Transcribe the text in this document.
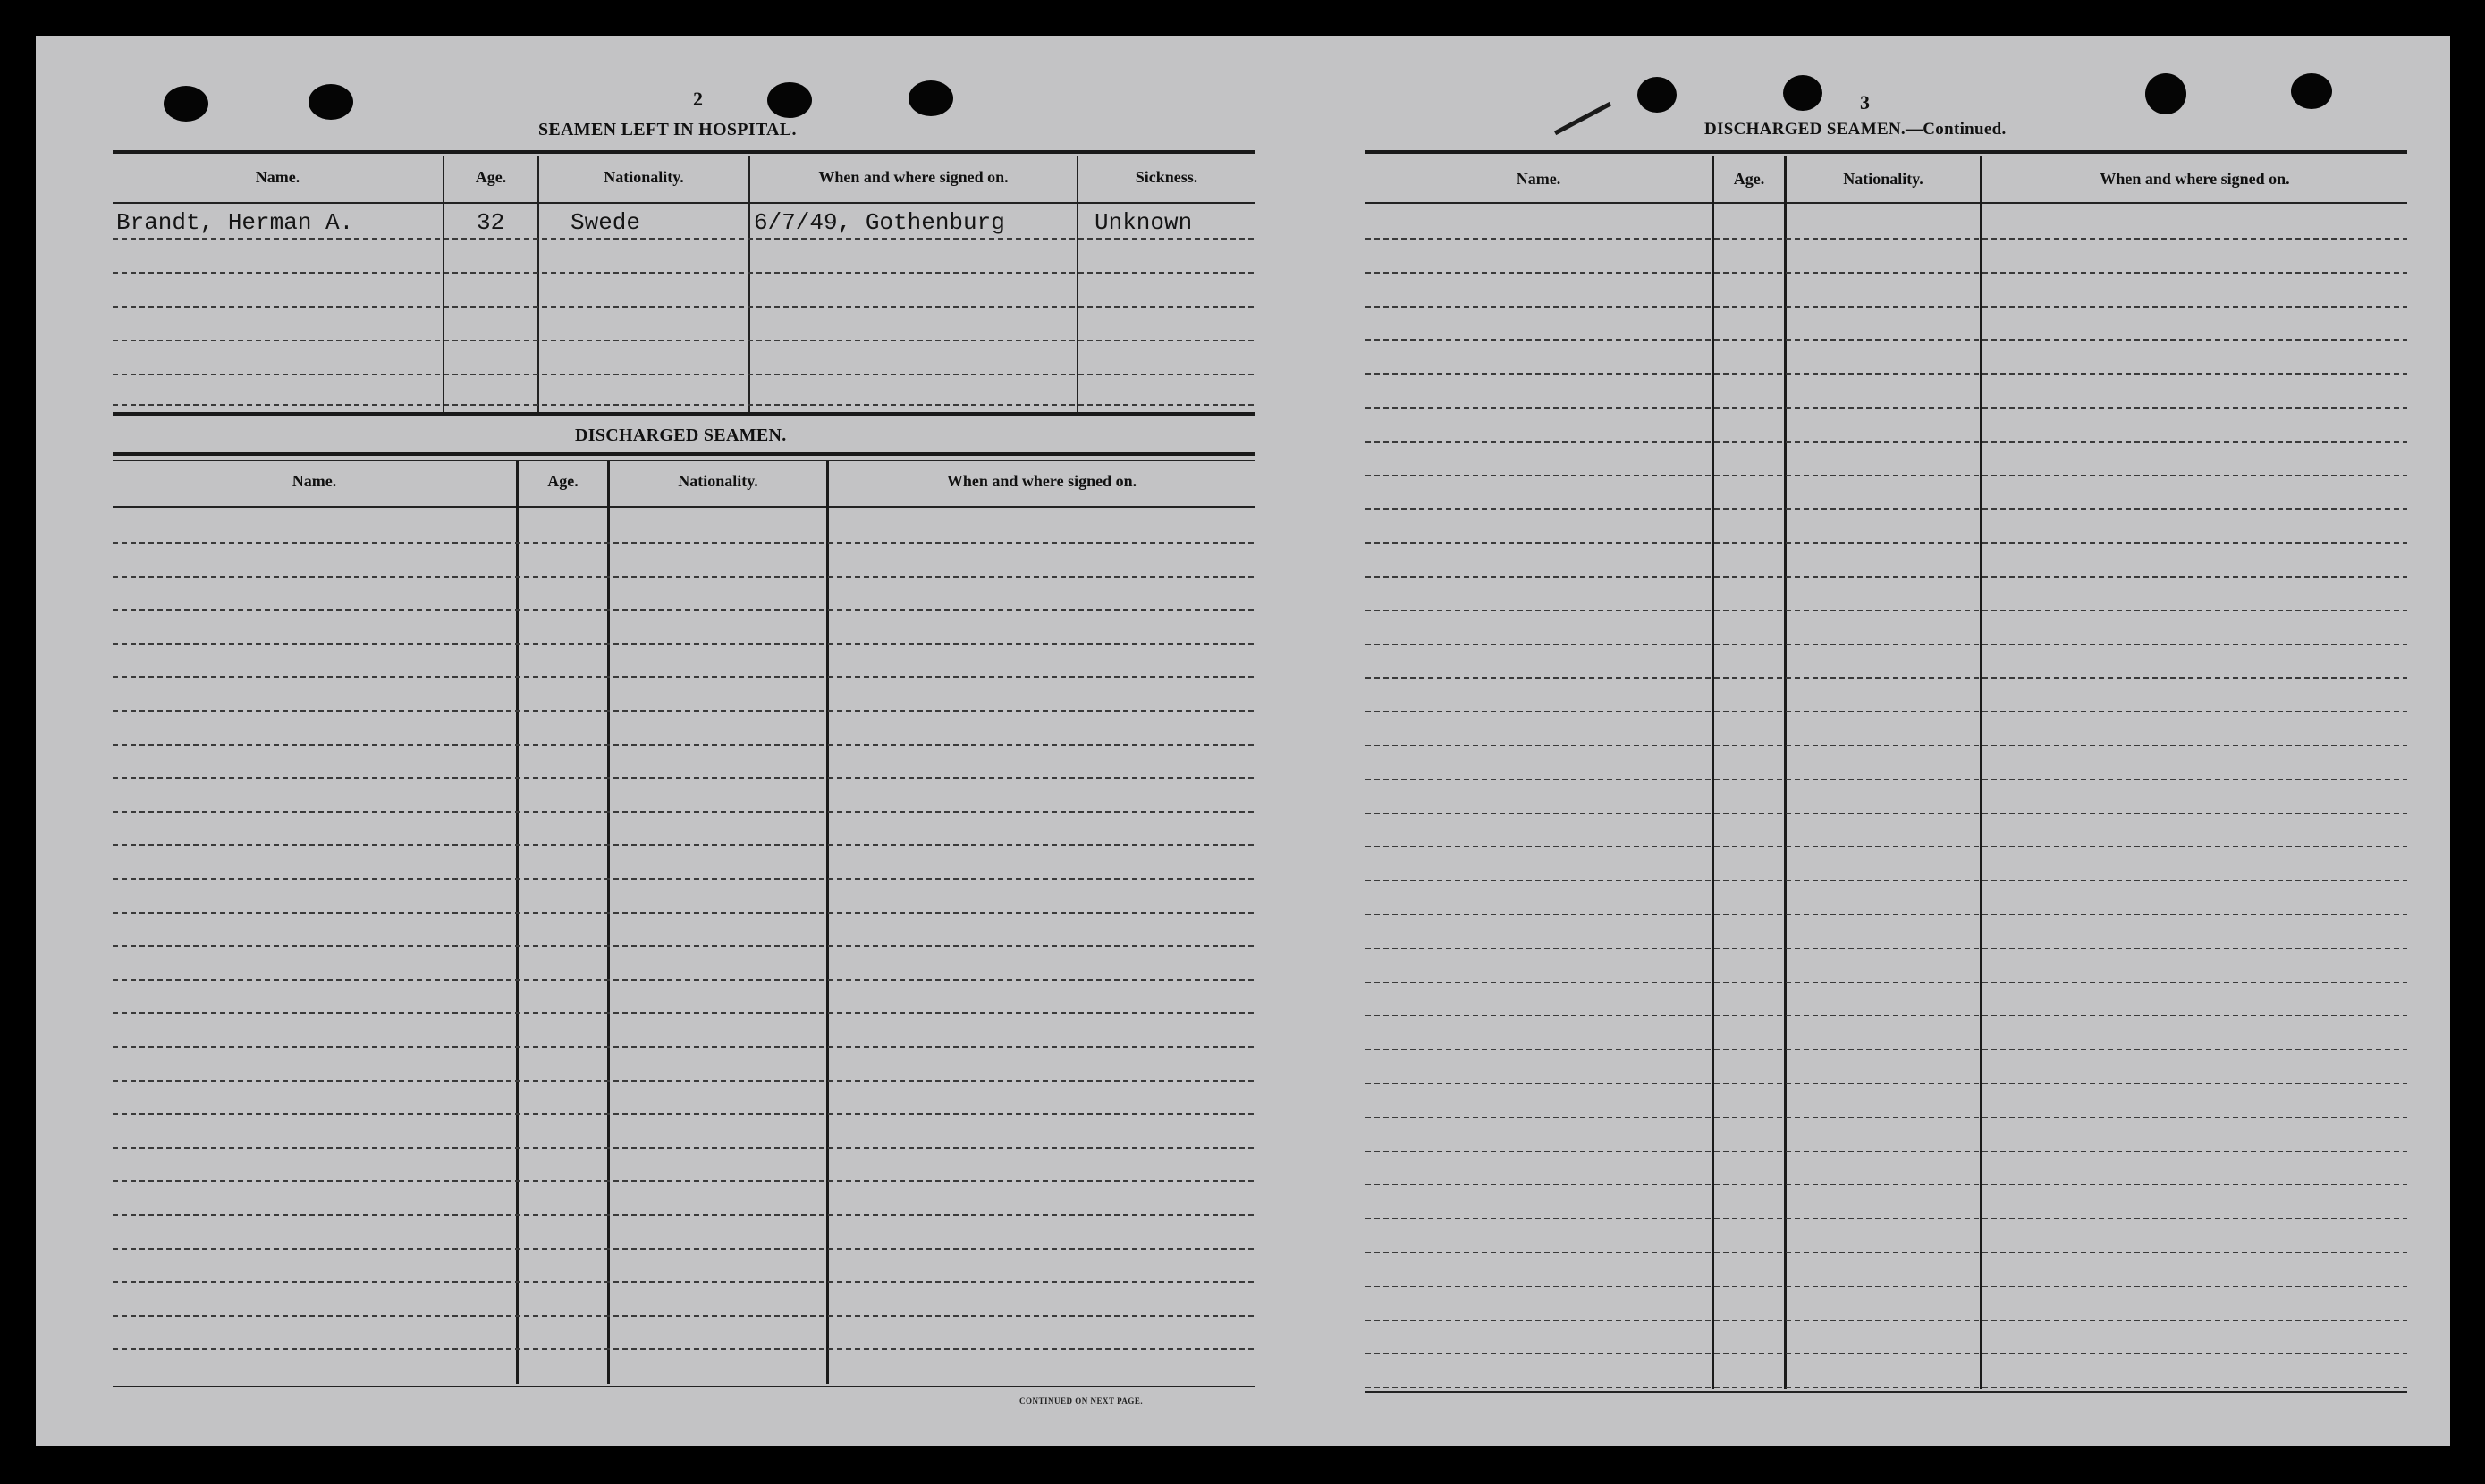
2
SEAMEN LEFT IN HOSPITAL.
Name.	Age.	Nationality.	When and where signed on.	Sickness.
Brandt, Herman A.	32	Swede	6/7/49, Gothenburg	Unknown
DISCHARGED SEAMEN.
Name.	Age.	Nationality.	When and where signed on.
CONTINUED ON NEXT PAGE.
3
DISCHARGED SEAMEN.—Continued.
Name.	Age.	Nationality.	When and where signed on.
